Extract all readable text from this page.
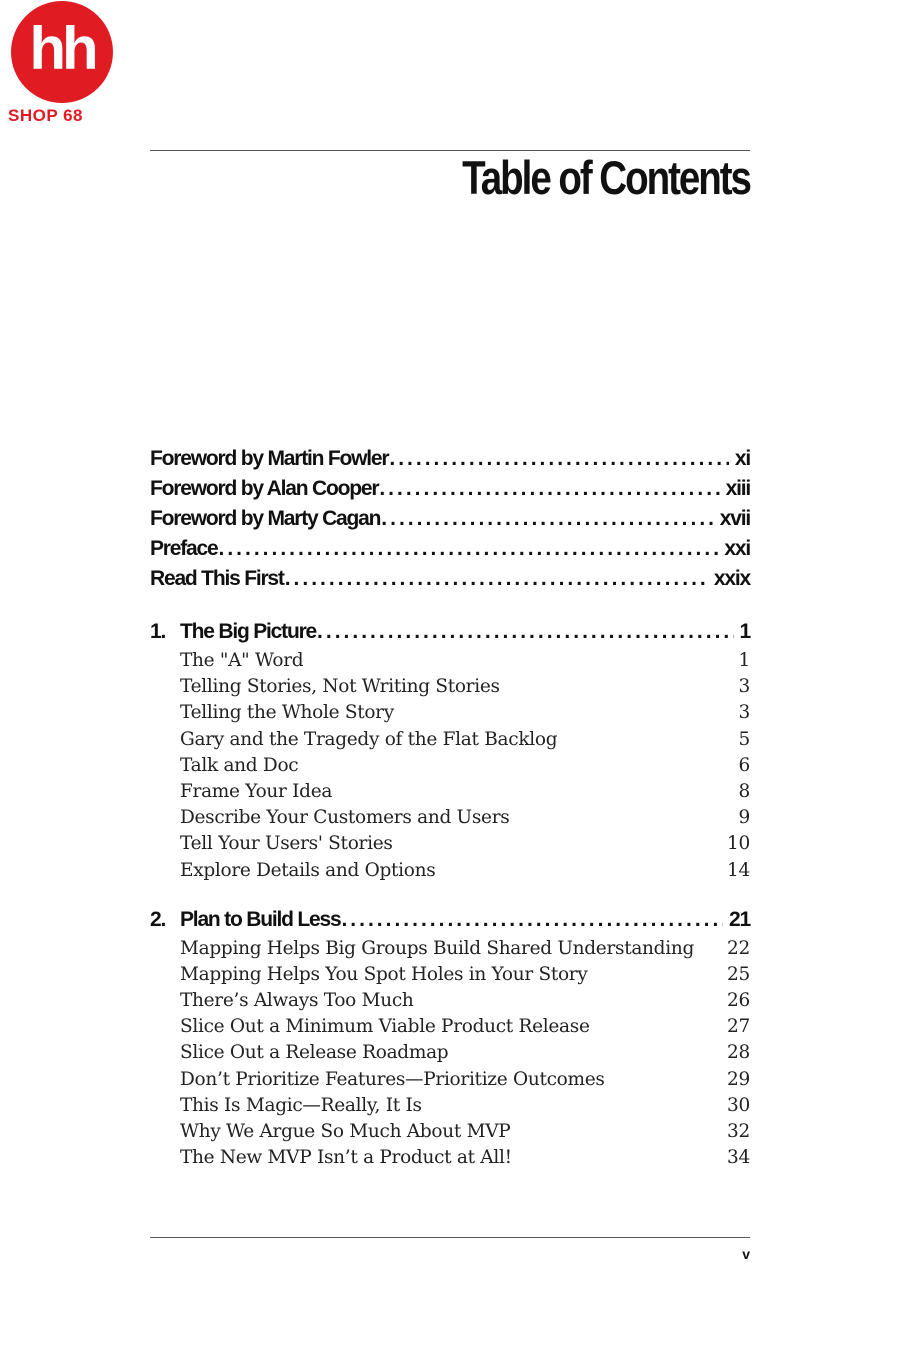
hh
SHOP 68
Table of Contents
Foreword by Martin Fowler .....	xi
Foreword by Alan Cooper .....	xiii
Foreword by Marty Cagan .....	xvii
Preface .....	xxi
Read This First .....	xxix
1. The Big Picture .....	1
The "A" Word	1
Telling Stories, Not Writing Stories	3
Telling the Whole Story	3
Gary and the Tragedy of the Flat Backlog	5
Talk and Doc	6
Frame Your Idea	8
Describe Your Customers and Users	9
Tell Your Users' Stories	10
Explore Details and Options	14
2. Plan to Build Less .....	21
Mapping Helps Big Groups Build Shared Understanding 22
Mapping Helps You Spot Holes in Your Story	25
There’s Always Too Much	26
Slice Out a Minimum Viable Product Release	27
Slice Out a Release Roadmap	28
Don’t Prioritize Features—Prioritize Outcomes	29
This Is Magic—Really, It Is	30
Why We Argue So Much About MVP	32
The New MVP Isn’t a Product at All!	34
v
